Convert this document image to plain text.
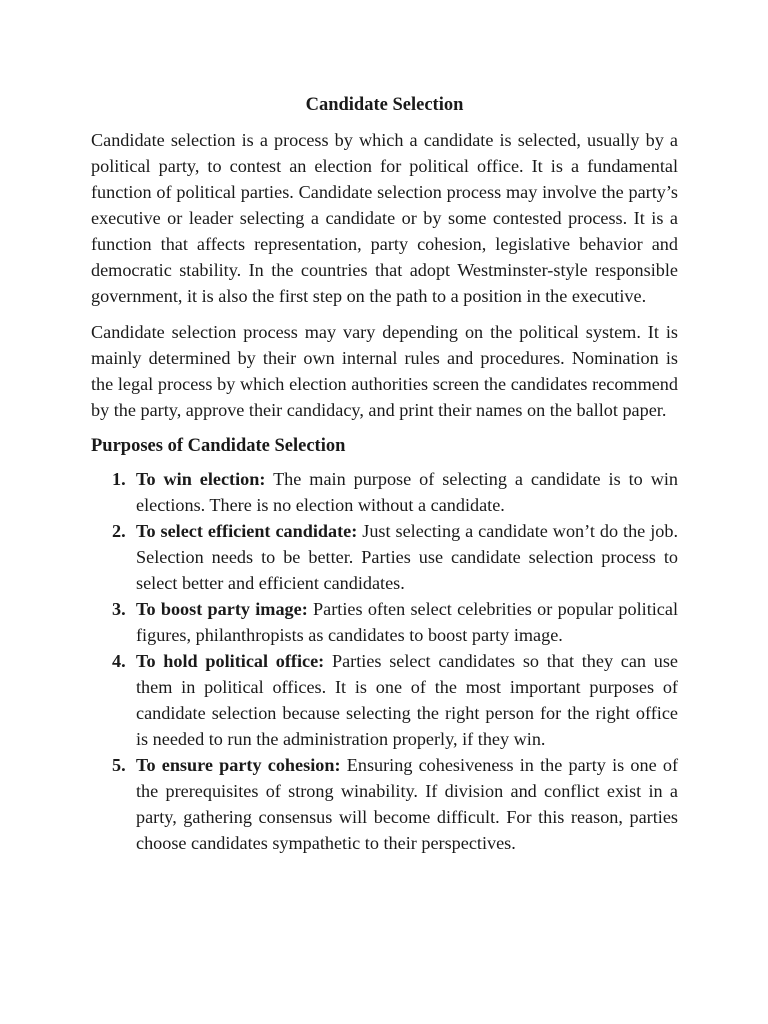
Candidate Selection

Candidate selection is a process by which a candidate is selected, usually by a political party, to contest an election for political office. It is a fundamental function of political parties. Candidate selection process may involve the party’s executive or leader selecting a candidate or by some contested process. It is a function that affects representation, party cohesion, legislative behavior and democratic stability. In the countries that adopt Westminster-style responsible government, it is also the first step on the path to a position in the executive.

Candidate selection process may vary depending on the political system. It is mainly determined by their own internal rules and procedures. Nomination is the legal process by which election authorities screen the candidates recommend by the party, approve their candidacy, and print their names on the ballot paper.

Purposes of Candidate Selection
1. To win election: The main purpose of selecting a candidate is to win elections. There is no election without a candidate.
2. To select efficient candidate: Just selecting a candidate won’t do the job. Selection needs to be better. Parties use candidate selection process to select better and efficient candidates.
3. To boost party image: Parties often select celebrities or popular political figures, philanthropists as candidates to boost party image.
4. To hold political office: Parties select candidates so that they can use them in political offices. It is one of the most important purposes of candidate selection because selecting the right person for the right office is needed to run the administration properly, if they win.
5. To ensure party cohesion: Ensuring cohesiveness in the party is one of the prerequisites of strong winability. If division and conflict exist in a party, gathering consensus will become difficult. For this reason, parties choose candidates sympathetic to their perspectives.
